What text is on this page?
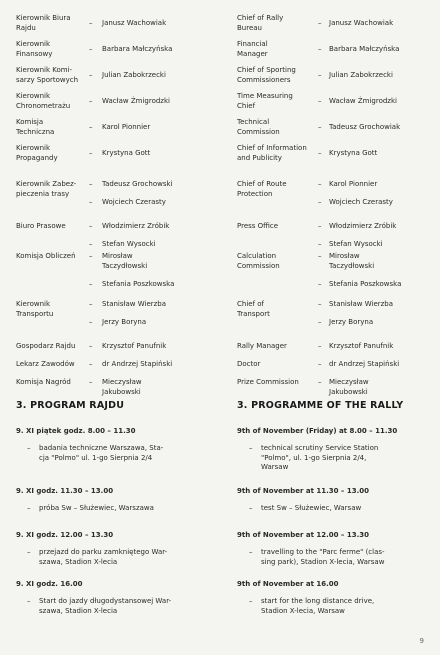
Kierownik Biura
Rajdu
– Janusz Wachowiak
Kierownik
Finansowy
– Barbara Małczyńska
Kierownik Komi-
sarzy Sportowych
– Julian Zabokrzecki
Kierownik
Chronometrażu
– Wacław Żmigrodzki
Komisja
Techniczna
– Karol Pionnier
Kierownik
Propagandy
– Krystyna Gott
Kierownik Zabez-
pieczenia trasy
– Tadeusz Grochowski
– Wojciech Czerasty
Biuro Prasowe	– Włodzimierz Zróbik
– Stefan Wysocki
Komisja Obliczeń – Mirosław
Taczydłowski
– Stefania Poszkowska
Kierownik
Transportu
– Stanisław Wierzba
– Jerzy Boryna
Gospodarz Rajdu – Krzysztof Panufnik
Lekarz Zawodów – dr Andrzej Stapiński
Komisja Nagród	– Mieczysław
Jakubowski
3. PROGRAM RAJDU
9. XI piątek godz. 8.00 – 11.30
– badania techniczne Warszawa, Sta-
cja "Polmo" ul. 1-go Sierpnia 2/4
9. XI godz. 11.30 – 13.00
– próba Sw – Służewiec, Warszawa
9. XI godz. 12.00 – 13.30
– przejazd do parku zamkniętego War-
szawa, Stadion X-lecia
9. XI godz. 16.00
– Start do jazdy długodystansowej War-
szawa, Stadion X-lecia
Chief of Rally
Bureau
– Janusz Wachowiak
Financial
Manager
– Barbara Małczyńska
Chief of Sporting
Commissioners
– Julian Zabokrzecki
Time Measuring
Chief
– Wacław Żmigrodzki
Technical
Commission
– Tadeusz Grochowiak
Chief of Information
and Publicity
– Krystyna Gott
Chief of Route
Protection
– Karol Pionnier
– Wojciech Czerasty
Press Office	– Włodzimierz Zróbik
– Stefan Wysocki
Calculation
Commission
– Mirosław
Taczydłowski
– Stefania Poszkowska
Chief of
Transport
– Stanisław Wierzba
– Jerzy Boryna
Rally Manager	– Krzysztof Panufnik
Doctor	– dr Andrzej Stapiński
Prize Commission	– Mieczysław
Jakubowski
3. PROGRAMME OF THE RALLY
9th of November (Friday) at 8.00 – 11.30
– technical scrutiny Service Station
"Polmo", ul. 1-go Sierpnia 2/4,
Warsaw
9th of November at 11.30 – 13.00
– test Sw – Służewiec, Warsaw
9th of November at 12.00 – 13.30
– travelling to the "Parc ferme" (clas-
sing park), Stadion X-lecia, Warsaw
9th of November at 16.00
– start for the long distance drive,
Stadion X-lecia, Warsaw
9
